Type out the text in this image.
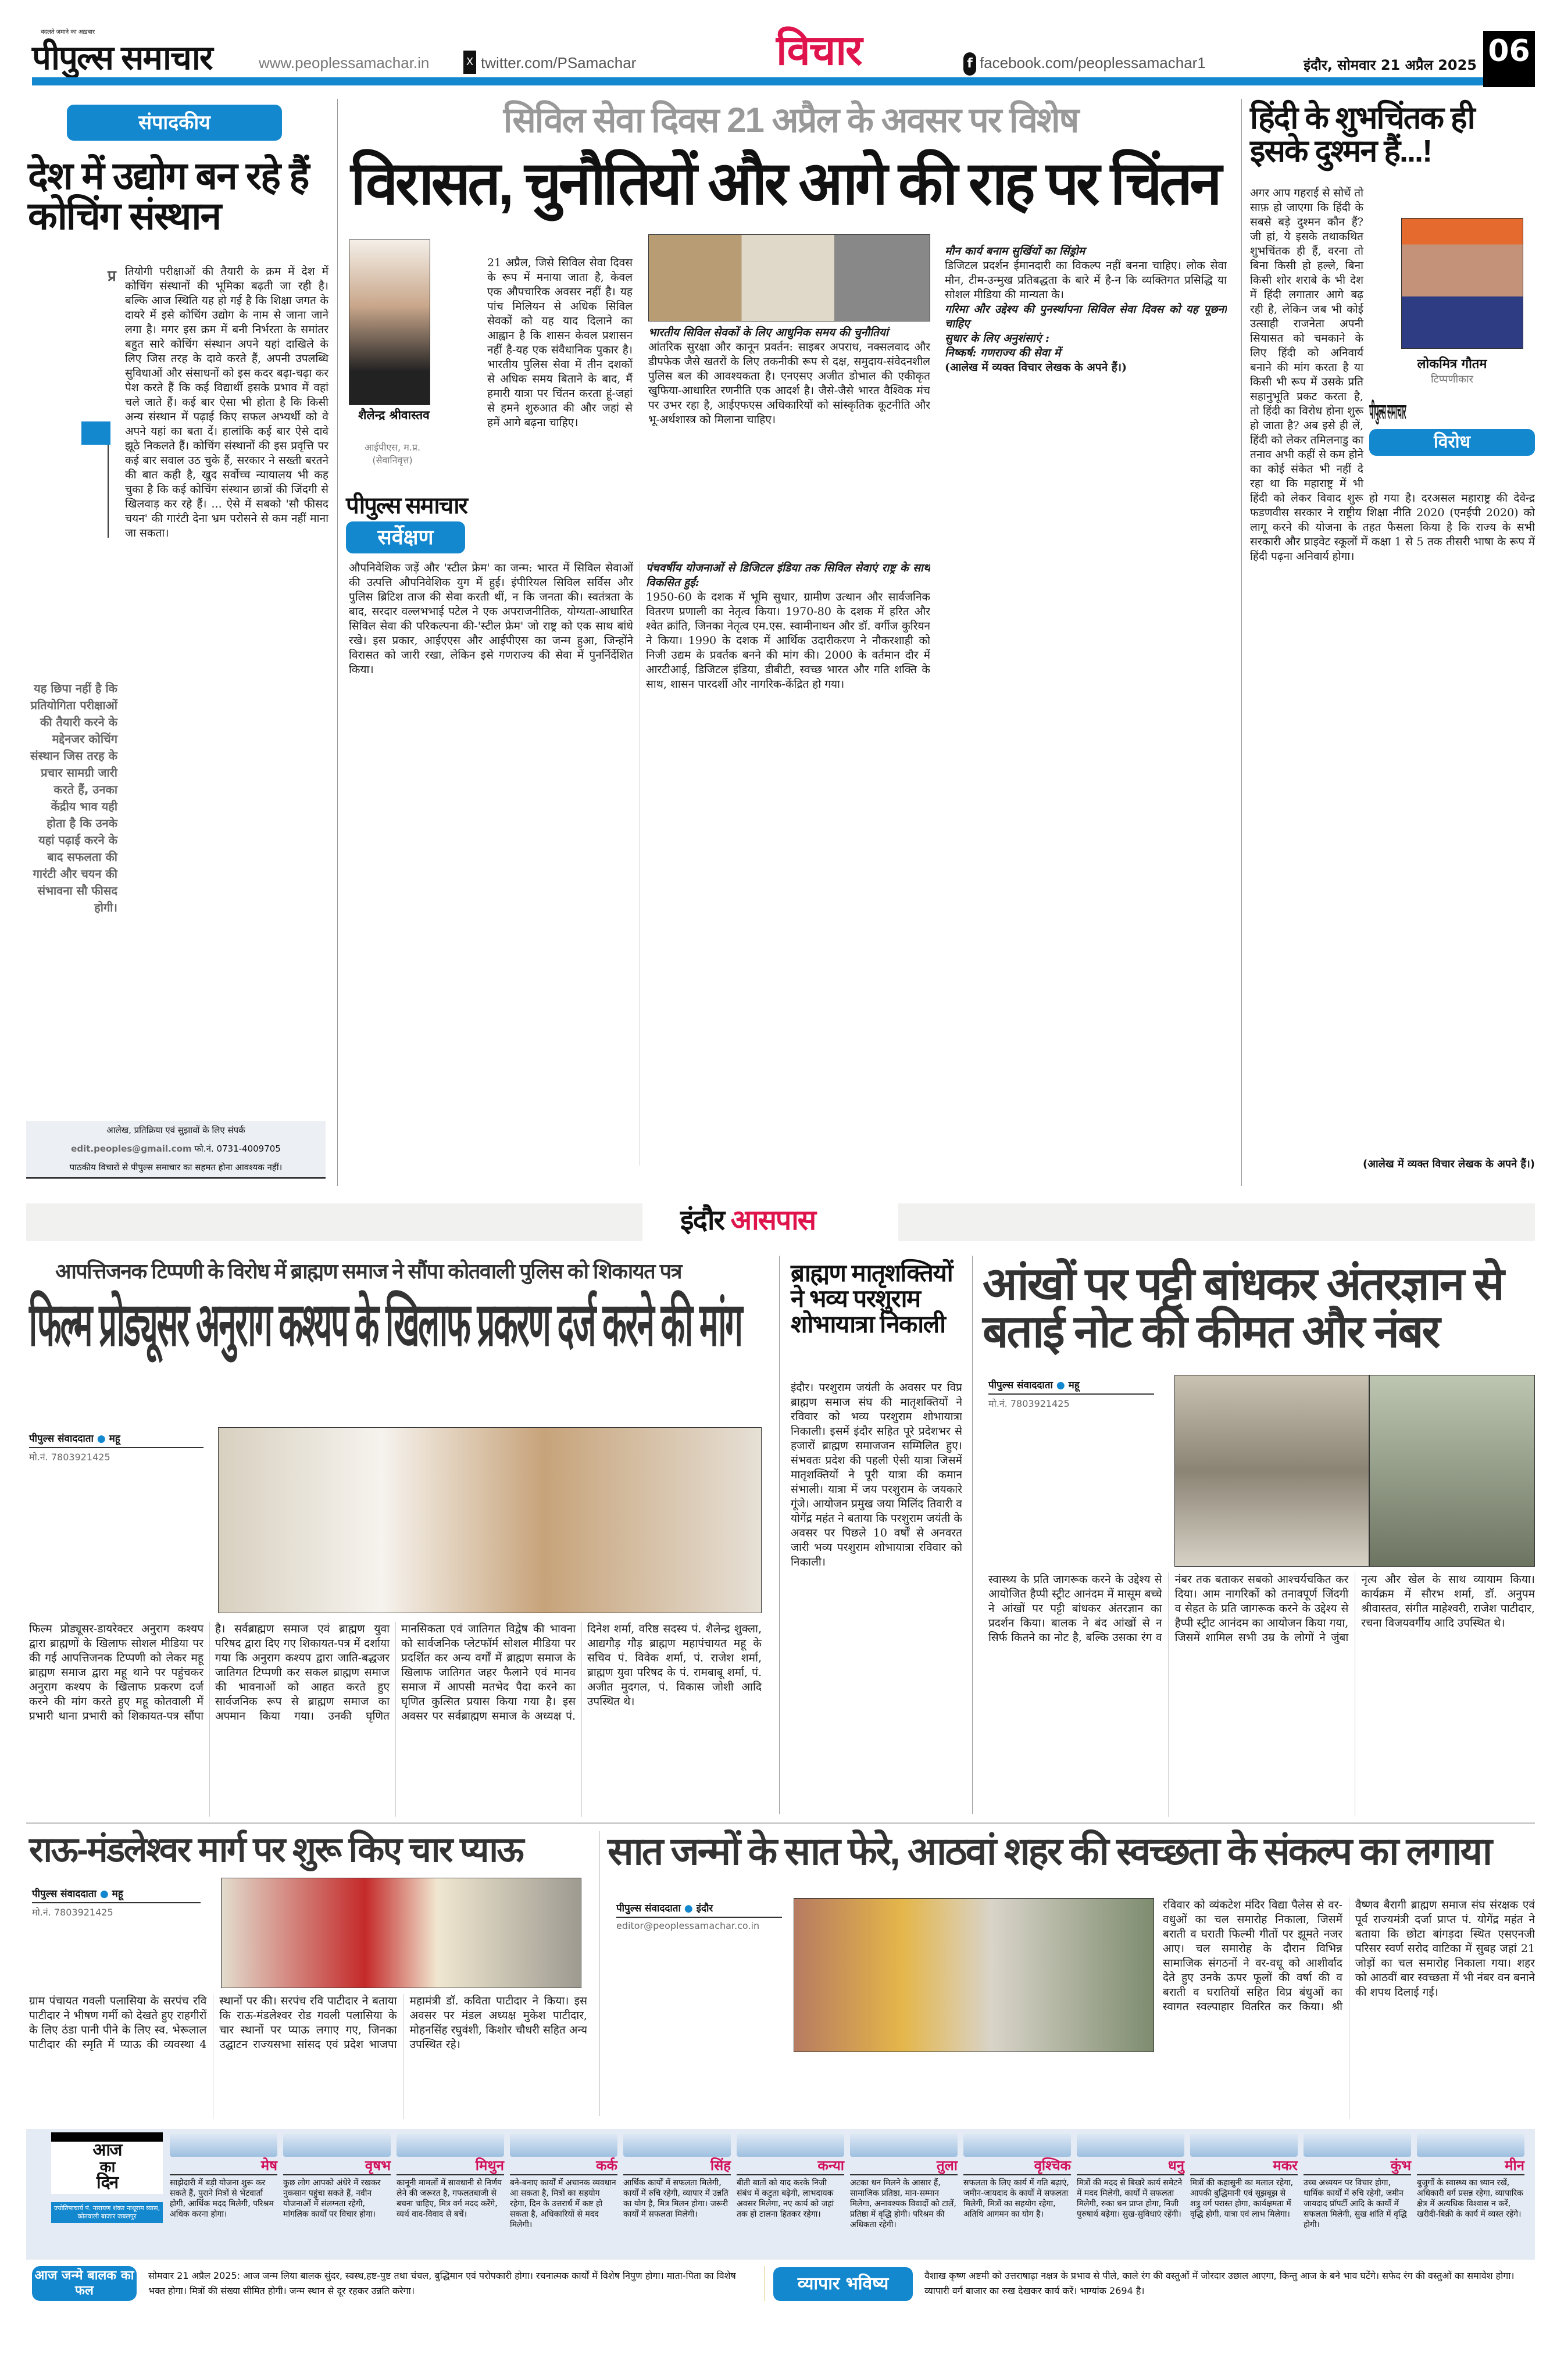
बदलते ज़माने का अख़बार
पीपुल्स समाचार	www.peoplessamachar.in	X twitter.com/PSamachar	विचार	f facebook.com/peoplessamachar1	इंदौर, सोमवार 21 अप्रैल 2025 06
संपादकीय
देश में उद्योग बन रहे हैं कोचिंग संस्थान
प्र
यह छिपा नहीं है कि प्रतियोगिता परीक्षाओं की तैयारी करने के मद्देनजर कोचिंग संस्थान जिस तरह के प्रचार सामग्री जारी करते हैं, उनका केंद्रीय भाव यही होता है कि उनके यहां पढ़ाई करने के बाद सफलता की गारंटी और चयन की संभावना सौ फीसद होगी।
तियोगी परीक्षाओं की तैयारी के क्रम में देश में कोचिंग संस्थानों की भूमिका बढ़ती जा रही है। बल्कि आज स्थिति यह हो गई है कि शिक्षा जगत के दायरे में इसे कोचिंग उद्योग के नाम से जाना जाने लगा है। मगर इस क्रम में बनी निर्भरता के समांतर बहुत सारे कोचिंग संस्थान अपने यहां दाखिले के लिए जिस तरह के दावे करते हैं, अपनी उपलब्धि सुविधाओं और संसाधनों को इस कदर बढ़ा-चढ़ा कर पेश करते हैं कि कई विद्यार्थी इसके प्रभाव में वहां चले जाते हैं। कई बार ऐसा भी होता है कि किसी अन्य संस्थान में पढ़ाई किए सफल अभ्यर्थी को वे अपने यहां का बता दें। हालांकि कई बार ऐसे दावे झूठे निकलते हैं। कोचिंग संस्थानों की इस प्रवृत्ति पर कई बार सवाल उठ चुके हैं, सरकार ने सख्ती बरतने की बात कही है, खुद सर्वोच्च न्यायालय भी कह चुका है कि कई कोचिंग संस्थान छात्रों की जिंदगी से खिलवाड़ कर रहे हैं। ... ऐसे में सबको 'सौ फीसद चयन' की गारंटी देना भ्रम परोसने से कम नहीं माना जा सकता।
आलेख, प्रतिक्रिया एवं सुझावों के लिए संपर्क
edit.peoples@gmail.com फो.नं. 0731-4009705
पाठकीय विचारों से पीपुल्स समाचार का सहमत होना आवश्यक नहीं।
सिविल सेवा दिवस 21 अप्रैल के अवसर पर विशेष
विरासत, चुनौतियों और आगे की राह पर चिंतन
शैलेन्द्र श्रीवास्तव
आईपीएस, म.प्र.
(सेवानिवृत्त)
पीपुल्स समाचार
सर्वेक्षण
21 अप्रैल, जिसे सिविल सेवा दिवस के रूप में मनाया जाता है, केवल एक औपचारिक अवसर नहीं है। यह पांच मिलियन से अधिक सिविल सेवकों को यह याद दिलाने का आह्वान है कि शासन केवल प्रशासन नहीं है-यह एक संवैधानिक पुकार है। भारतीय पुलिस सेवा में तीन दशकों से अधिक समय बिताने के बाद, मैं हमारी यात्रा पर चिंतन करता हूं-जहां से हमने शुरुआत की और जहां से हमें आगे बढ़ना चाहिए।
भारतीय सिविल सेवकों के लिए आधुनिक समय की चुनौतियां
आंतरिक सुरक्षा और कानून प्रवर्तन: साइबर अपराध, नक्सलवाद और डीपफेक जैसे खतरों के लिए तकनीकी रूप से दक्ष, समुदाय-संवेदनशील पुलिस बल की आवश्यकता है। एनएसए अजीत डोभाल की एकीकृत खुफिया-आधारित रणनीति एक आदर्श है। जैसे-जैसे भारत वैश्विक मंच पर उभर रहा है, आईएफएस अधिकारियों को सांस्कृतिक कूटनीति और भू-अर्थशास्त्र को मिलाना चाहिए।

औपनिवेशिक जड़ें और 'स्टील फ्रेम' का जन्म: भारत में सिविल सेवाओं की उत्पत्ति औपनिवेशिक युग में हुई। इंपीरियल सिविल सर्विस और पुलिस ब्रिटिश ताज की सेवा करती थीं, न कि जनता की। स्वतंत्रता के बाद, सरदार वल्लभभाई पटेल ने एक अपराजनीतिक, योग्यता-आधारित सिविल सेवा की परिकल्पना की-'स्टील फ्रेम' जो राष्ट्र को एक साथ बांधे रखे। इस प्रकार, आईएएस और आईपीएस का जन्म हुआ, जिन्होंने विरासत को जारी रखा, लेकिन इसे गणराज्य की सेवा में पुनर्निर्देशित किया।

पंचवर्षीय योजनाओं से डिजिटल इंडिया तक सिविल सेवाएं राष्ट्र के साथ विकसित हुईं:

1950-60 के दशक में भूमि सुधार, ग्रामीण उत्थान और सार्वजनिक वितरण प्रणाली का नेतृत्व किया। 1970-80 के दशक में हरित और श्वेत क्रांति, जिनका नेतृत्व एम.एस. स्वामीनाथन और डॉ. वर्गीज कुरियन ने किया। 1990 के दशक में आर्थिक उदारीकरण ने नौकरशाही को निजी उद्यम के प्रवर्तक बनने की मांग की। 2000 के वर्तमान दौर में आरटीआई, डिजिटल इंडिया, डीबीटी, स्वच्छ भारत और गति शक्ति के साथ, शासन पारदर्शी और नागरिक-केंद्रित हो गया।

मौन कार्य बनाम सुर्खियों का सिंड्रोम

डिजिटल प्रदर्शन ईमानदारी का विकल्प नहीं बनना चाहिए। लोक सेवा मौन, टीम-उन्मुख प्रतिबद्धता के बारे में है-न कि व्यक्तिगत प्रसिद्धि या सोशल मीडिया की मान्यता के।

गरिमा और उद्देश्य की पुनर्स्थापना सिविल सेवा दिवस को यह पूछना चाहिए

सुधार के लिए अनुशंसाएं :

निष्कर्ष: गणराज्य की सेवा में

(आलेख में व्यक्त विचार लेखक के अपने हैं।)

हिंदी के शुभचिंतक ही इसके दुश्मन हैं...!
लोकमित्र गौतम
टिप्पणीकार
पीपुल्स समाचार
विरोध
अगर आप गहराई से सोचें तो साफ़ हो जाएगा कि हिंदी के सबसे बड़े दुश्मन कौन हैं? जी हां, ये इसके तथाकथित शुभचिंतक ही हैं, वरना तो बिना किसी हो हल्ले, बिना किसी शोर शराबे के भी देश में हिंदी लगातार आगे बढ़ रही है, लेकिन जब भी कोई उत्साही राजनेता अपनी सियासत को चमकाने के लिए हिंदी को अनिवार्य बनाने की मांग करता है या किसी भी रूप में उसके प्रति सहानुभूति प्रकट करता है, तो हिंदी का विरोध होना शुरू हो जाता है? अब इसे ही लें, हिंदी को लेकर तमिलनाडु का तनाव अभी कहीं से कम होने का कोई संकेत भी नहीं दे रहा था कि महाराष्ट्र में भी हिंदी को लेकर विवाद शुरू हो गया है। दरअसल महाराष्ट्र की देवेन्द्र फडणवीस सरकार ने राष्ट्रीय शिक्षा नीति 2020 (एनईपी 2020) को लागू करने की योजना के तहत फैसला किया है कि राज्य के सभी सरकारी और प्राइवेट स्कूलों में कक्षा 1 से 5 तक तीसरी भाषा के रूप में हिंदी पढ़ना अनिवार्य होगा।
(आलेख में व्यक्त विचार लेखक के अपने हैं।)
इंदौर आसपास
आपत्तिजनक टिप्पणी के विरोध में ब्राह्मण समाज ने सौंपा कोतवाली पुलिस को शिकायत पत्र
फिल्म प्रोड्यूसर अनुराग कश्यप के खिलाफ प्रकरण दर्ज करने की मांग
पीपुल्स संवाददाता ● महू
मो.नं. 7803921425
फिल्म प्रोड्यूसर-डायरेक्टर अनुराग कश्यप द्वारा ब्राह्मणों के खिलाफ सोशल मीडिया पर की गई आपत्तिजनक टिप्पणी को लेकर महू ब्राह्मण समाज द्वारा महू थाने पर पहुंचकर अनुराग कश्यप के खिलाफ प्रकरण दर्ज करने की मांग करते हुए महू कोतवाली में प्रभारी थाना प्रभारी को शिकायत-पत्र सौंपा है। सर्वब्राह्मण समाज एवं ब्राह्मण युवा परिषद द्वारा दिए गए शिकायत-पत्र में दर्शाया गया कि अनुराग कश्यप द्वारा जाति-बद्धजर जातिगत टिप्पणी कर सकल ब्राह्मण समाज की भावनाओं को आहत करते हुए सार्वजनिक रूप से ब्राह्मण समाज का अपमान किया गया। उनकी घृणित मानसिकता एवं जातिगत विद्वेष की भावना को सार्वजनिक प्लेटफॉर्म सोशल मीडिया पर प्रदर्शित कर अन्य वर्गों में ब्राह्मण समाज के खिलाफ जातिगत जहर फैलाने एवं मानव समाज में आपसी मतभेद पैदा करने का घृणित कुत्सित प्रयास किया गया है। इस अवसर पर सर्वब्राह्मण समाज के अध्यक्ष पं. दिनेश शर्मा, वरिष्ठ सदस्य पं. शैलेन्द्र शुक्ला, आद्यगौड़ गौड़ ब्राह्मण महापंचायत महू के सचिव पं. विवेक शर्मा, पं. राजेश शर्मा, ब्राह्मण युवा परिषद के पं. रामबाबू शर्मा, पं. अजीत मुदगल, पं. विकास जोशी आदि उपस्थित थे।
ब्राह्मण मातृशक्तियों ने भव्य परशुराम शोभायात्रा निकाली
इंदौर। परशुराम जयंती के अवसर पर विप्र ब्राह्मण समाज संघ की मातृशक्तियों ने रविवार को भव्य परशुराम शोभायात्रा निकाली। इसमें इंदौर सहित पूरे प्रदेशभर से हजारों ब्राह्मण समाजजन सम्मिलित हुए। संभवतः प्रदेश की पहली ऐसी यात्रा जिसमें मातृशक्तियों ने पूरी यात्रा की कमान संभाली। यात्रा में जय परशुराम के जयकारे गूंजे। आयोजन प्रमुख जया मिलिंद तिवारी व योगेंद्र महंत ने बताया कि परशुराम जयंती के अवसर पर पिछले 10 वर्षों से अनवरत जारी भव्य परशुराम शोभायात्रा रविवार को निकाली।
आंखों पर पट्टी बांधकर अंतरज्ञान से बताई नोट की कीमत और नंबर
पीपुल्स संवाददाता ● महू
मो.नं. 7803921425
स्वास्थ्य के प्रति जागरूक करने के उद्देश्य से आयोजित हैप्पी स्ट्रीट आनंदम में मासूम बच्चे ने आंखों पर पट्टी बांधकर अंतरज्ञान का प्रदर्शन किया। बालक ने बंद आंखों से न सिर्फ कितने का नोट है, बल्कि उसका रंग व नंबर तक बताकर सबको आश्चर्यचकित कर दिया। आम नागरिकों को तनावपूर्ण जिंदगी व सेहत के प्रति जागरूक करने के उद्देश्य से हैप्पी स्ट्रीट आनंदम का आयोजन किया गया, जिसमें शामिल सभी उम्र के लोगों ने जुंबा नृत्य और खेल के साथ व्यायाम किया। कार्यक्रम में सौरभ शर्मा, डॉ. अनुपम श्रीवास्तव, संगीत माहेश्वरी, राजेश पाटीदार, रचना विजयवर्गीय आदि उपस्थित थे।
राऊ-मंडलेश्वर मार्ग पर शुरू किए चार प्याऊ
पीपुल्स संवाददाता ● महू
मो.नं. 7803921425
ग्राम पंचायत गवली पलासिया के सरपंच रवि पाटीदार ने भीषण गर्मी को देखते हुए राहगीरों के लिए ठंडा पानी पीने के लिए स्व. भेरूलाल पाटीदार की स्मृति में प्याऊ की व्यवस्था 4 स्थानों पर की। सरपंच रवि पाटीदार ने बताया कि राऊ-मंडलेश्वर रोड गवली पलासिया के चार स्थानों पर प्याऊ लगाए गए, जिनका उद्घाटन राज्यसभा सांसद एवं प्रदेश भाजपा महामंत्री डॉ. कविता पाटीदार ने किया। इस अवसर पर मंडल अध्यक्ष मुकेश पाटीदार, मोहनसिंह रघुवंशी, किशोर चौधरी सहित अन्य उपस्थित रहे।
सात जन्मों के सात फेरे, आठवां शहर की स्वच्छता के संकल्प का लगाया
पीपुल्स संवाददाता ● इंदौर
editor@peoplessamachar.co.in
रविवार को व्यंकटेश मंदिर विद्या पैलेस से वर-वधुओं का चल समारोह निकाला, जिसमें बराती व घराती फिल्मी गीतों पर झूमते नजर आए। चल समारोह के दौरान विभिन्न सामाजिक संगठनों ने वर-वधू को आशीर्वाद देते हुए उनके ऊपर फूलों की वर्षा की व बराती व घरातियों सहित विप्र बंधुओं का स्वागत स्वल्पाहार वितरित कर किया। श्री वैष्णव बैरागी ब्राह्मण समाज संघ संरक्षक एवं पूर्व राज्यमंत्री दर्जा प्राप्त पं. योगेंद्र महंत ने बताया कि छोटा बांगड़दा स्थित एसएनजी परिसर स्वर्ण सरोद वाटिका में सुबह जहां 21 जोड़ों का चल समारोह निकाला गया। शहर को आठवीं बार स्वच्छता में भी नंबर वन बनाने की शपथ दिलाई गई।
आज
का
दिन
ज्योतिषाचार्य पं. नारायण शंकर नाथूराम व्यास, कोतवाली बाजार जबलपुर
मेष
साझेदारी में बड़ी योजना शुरू कर सकते हैं, पुराने मित्रों से भेंटवार्ता होगी, आर्थिक मदद मिलेगी, परिश्रम अधिक करना होगा।
वृषभ
कुछ लोग आपको अंधेरे में रखकर नुकसान पहुंचा सकते हैं, नवीन योजनाओं में संलग्नता रहेगी, मांगलिक कार्यों पर विचार होगा।
मिथुन
कानूनी मामलों में सावधानी से निर्णय लेने की जरूरत है, गफलतबाजी से बचना चाहिए, मित्र वर्ग मदद करेंगे, व्यर्थ वाद-विवाद से बचें।
कर्क
बने-बनाए कार्यों में अचानक व्यवधान आ सकता है, मित्रों का सहयोग रहेगा, दिन के उत्तरार्ध में कष्ट हो सकता है, अधिकारियों से मदद मिलेगी।
सिंह
आर्थिक कार्यों में सफलता मिलेगी, कार्यों में रुचि रहेगी, व्यापार में उन्नति का योग है, मित्र मिलन होगा। जरूरी कार्यों में सफलता मिलेगी।
कन्या
बीती बातों को याद करके निजी संबंध में कटुता बढ़ेगी, लाभदायक अवसर मिलेगा, नए कार्य को जहां तक हो टालना हितकर रहेगा।
तुला
अटका धन मिलने के आसार हैं, सामाजिक प्रतिष्ठा, मान-सम्मान मिलेगा, अनावश्यक विवादों को टालें, प्रतिष्ठा में वृद्धि होगी। परिश्रम की अधिकता रहेगी।
वृश्चिक
सफलता के लिए कार्य में गति बढ़ाएं, जमीन-जायदाद के कार्यों में सफलता मिलेगी, मित्रों का सहयोग रहेगा, अतिथि आगमन का योग है।
धनु
मित्रों की मदद से बिखरे कार्य समेटने में मदद मिलेगी, कार्यों में सफलता मिलेगी, रुका धन प्राप्त होगा, निजी पुरुषार्थ बढ़ेगा। सुख-सुविधाएं रहेंगी।
मकर
मित्रों की कहासुनी का मलाल रहेगा, आपकी बुद्धिमानी एवं सूझबूझ से शत्रु वर्ग परास्त होगा, कार्यक्षमता में वृद्धि होगी, यात्रा एवं लाभ मिलेगा।
कुंभ
उच्च अध्ययन पर विचार होगा, धार्मिक कार्यों में रुचि रहेगी, जमीन जायदाद प्रॉपर्टी आदि के कार्यों में सफलता मिलेगी, सुख शांति में वृद्धि होगी।
मीन
बुजुर्गों के स्वास्थ्य का ध्यान रखें, अधिकारी वर्ग प्रसन्न रहेगा, व्यापारिक क्षेत्र में अत्यधिक विश्वास न करें, खरीदी-बिक्री के कार्य में व्यस्त रहेंगे।
आज जन्मे बालक का फल
सोमवार 21 अप्रैल 2025: आज जन्म लिया बालक सुंदर, स्वस्थ,हष्ट-पुष्ट तथा चंचल, बुद्धिमान एवं परोपकारी होगा। रचनात्मक कार्यों में विशेष निपुण होगा। माता-पिता का विशेष भक्त होगा। मित्रों की संख्या सीमित होगी। जन्म स्थान से दूर रहकर उन्नति करेगा।	व्यापार भविष्य	वैशाख कृष्ण अष्टमी को उत्तराषाढ़ा नक्षत्र के प्रभाव से पीले, काले रंग की वस्तुओं में जोरदार उछाल आएगा, किन्तु आज के बने भाव घटेंगे। सफेद रंग की वस्तुओं का समावेश होगा। व्यापारी वर्ग बाजार का रुख देखकर कार्य करें। भाग्यांक 2694 है।
